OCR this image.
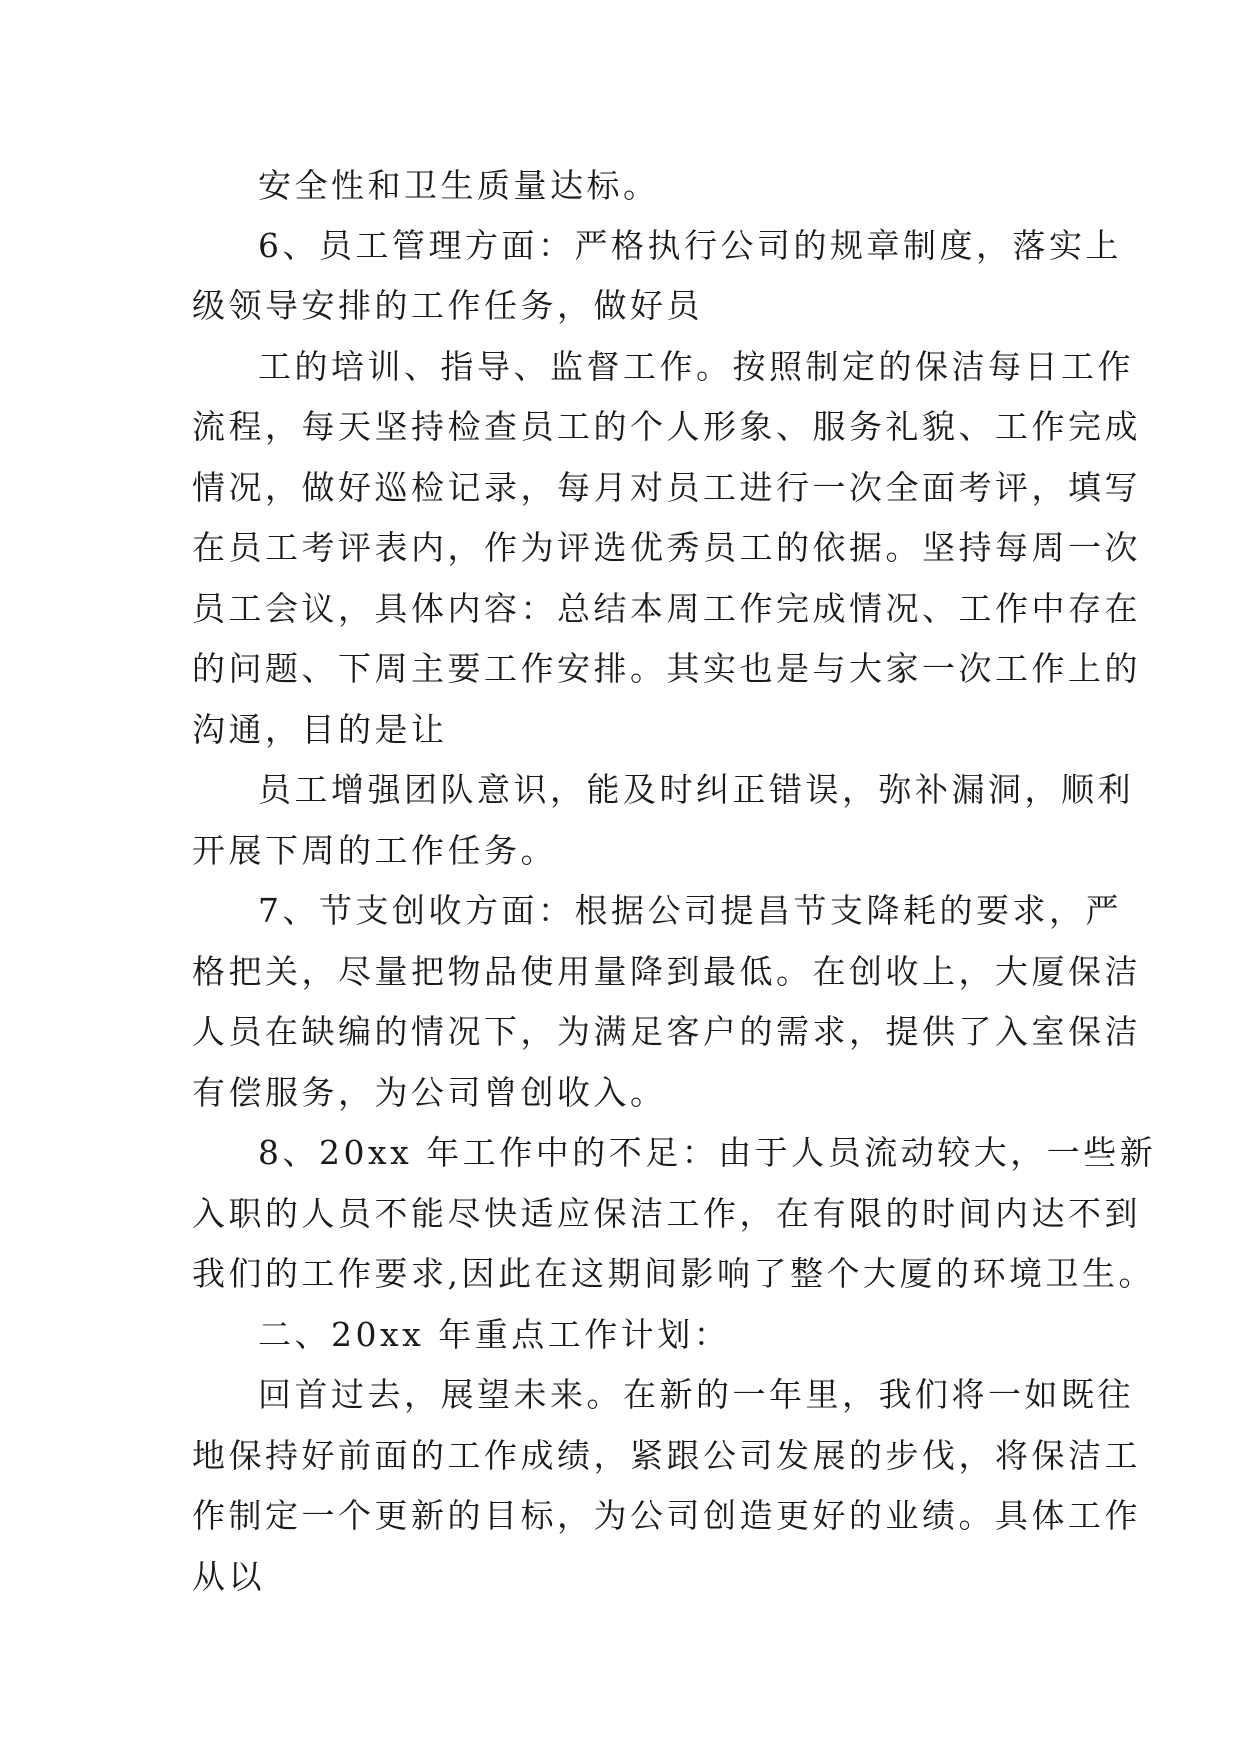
安全性和卫生质量达标。
6、员工管理方面：严格执行公司的规章制度，落实上
级领导安排的工作任务，做好员
工的培训、指导、监督工作。按照制定的保洁每日工作
流程，每天坚持检查员工的个人形象、服务礼貌、工作完成
情况，做好巡检记录，每月对员工进行一次全面考评，填写
在员工考评表内，作为评选优秀员工的依据。坚持每周一次
员工会议，具体内容：总结本周工作完成情况、工作中存在
的问题、下周主要工作安排。其实也是与大家一次工作上的
沟通，目的是让
员工增强团队意识，能及时纠正错误，弥补漏洞，顺利
开展下周的工作任务。
7、节支创收方面：根据公司提昌节支降耗的要求，严
格把关，尽量把物品使用量降到最低。在创收上，大厦保洁
人员在缺编的情况下，为满足客户的需求，提供了入室保洁
有偿服务，为公司曾创收入。
8、20xx 年工作中的不足：由于人员流动较大，一些新
入职的人员不能尽快适应保洁工作，在有限的时间内达不到
我们的工作要求,因此在这期间影响了整个大厦的环境卫生。
二、20xx 年重点工作计划：
回首过去，展望未来。在新的一年里，我们将一如既往
地保持好前面的工作成绩，紧跟公司发展的步伐，将保洁工
作制定一个更新的目标，为公司创造更好的业绩。具体工作
从以
